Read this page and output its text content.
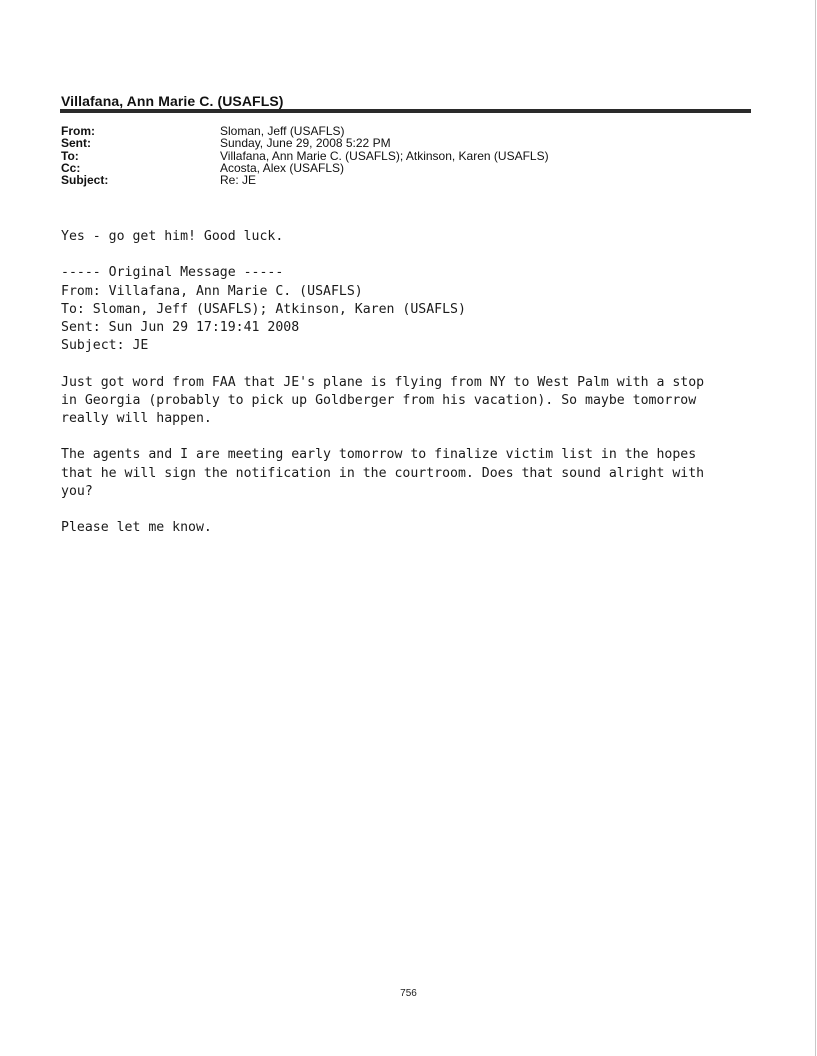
Villafana, Ann Marie C. (USAFLS)
From:	Sloman, Jeff (USAFLS)
Sent:	Sunday, June 29, 2008 5:22 PM
To:	Villafana, Ann Marie C. (USAFLS); Atkinson, Karen (USAFLS)
Cc:	Acosta, Alex (USAFLS)
Subject:	Re: JE
Yes - go get him! Good luck.

----- Original Message -----
From: Villafana, Ann Marie C. (USAFLS)
To: Sloman, Jeff (USAFLS); Atkinson, Karen (USAFLS)
Sent: Sun Jun 29 17:19:41 2008
Subject: JE

Just got word from FAA that JE's plane is flying from NY to West Palm with a stop
in Georgia (probably to pick up Goldberger from his vacation). So maybe tomorrow
really will happen.

The agents and I are meeting early tomorrow to finalize victim list in the hopes
that he will sign the notification in the courtroom. Does that sound alright with
you?

Please let me know.
756
